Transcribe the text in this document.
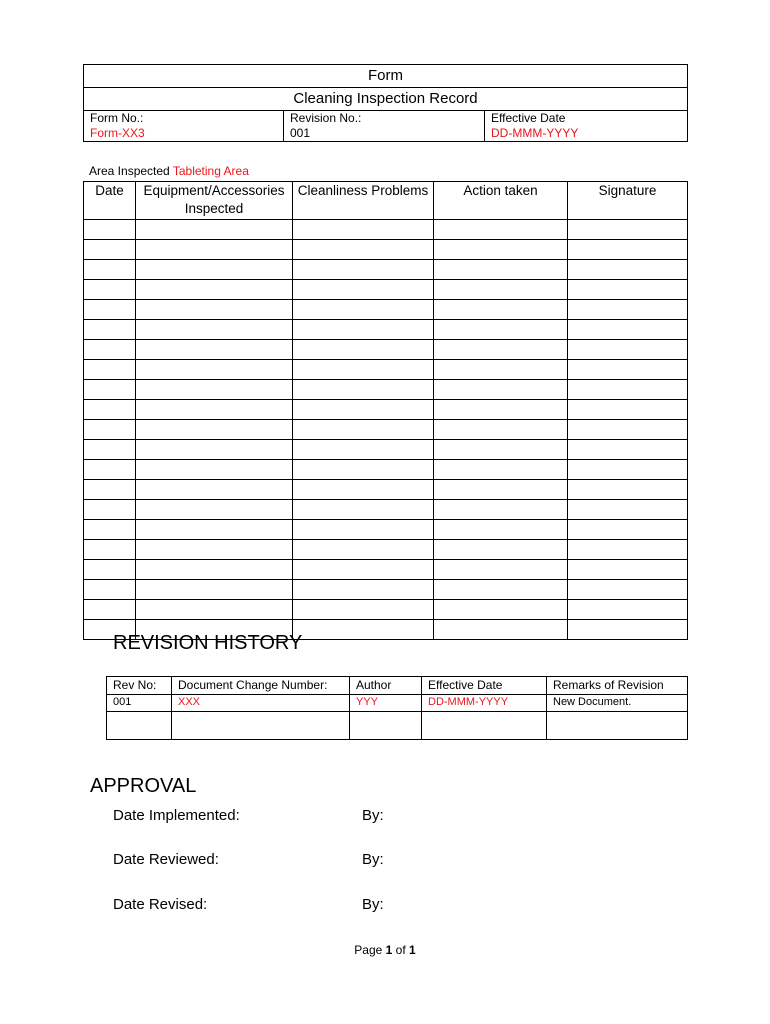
Form
Cleaning Inspection Record

Form No.:
Form-XX3

Revision No.:
001

Effective Date
DD-MMM-YYYY
Area Inspected Tableting Area
Date	Equipment/Accessories Inspected	Cleanliness Problems	Action taken	Signature

REVISION HISTORY
Rev No:	Document Change Number:	Author	Effective Date	Remarks of Revision
001	XXX	YYY	DD-MMM-YYYY	New Document.

APPROVAL
Date Implemented:	By:
Date Reviewed:	By:
Date Revised:	By:
Page 1 of 1
